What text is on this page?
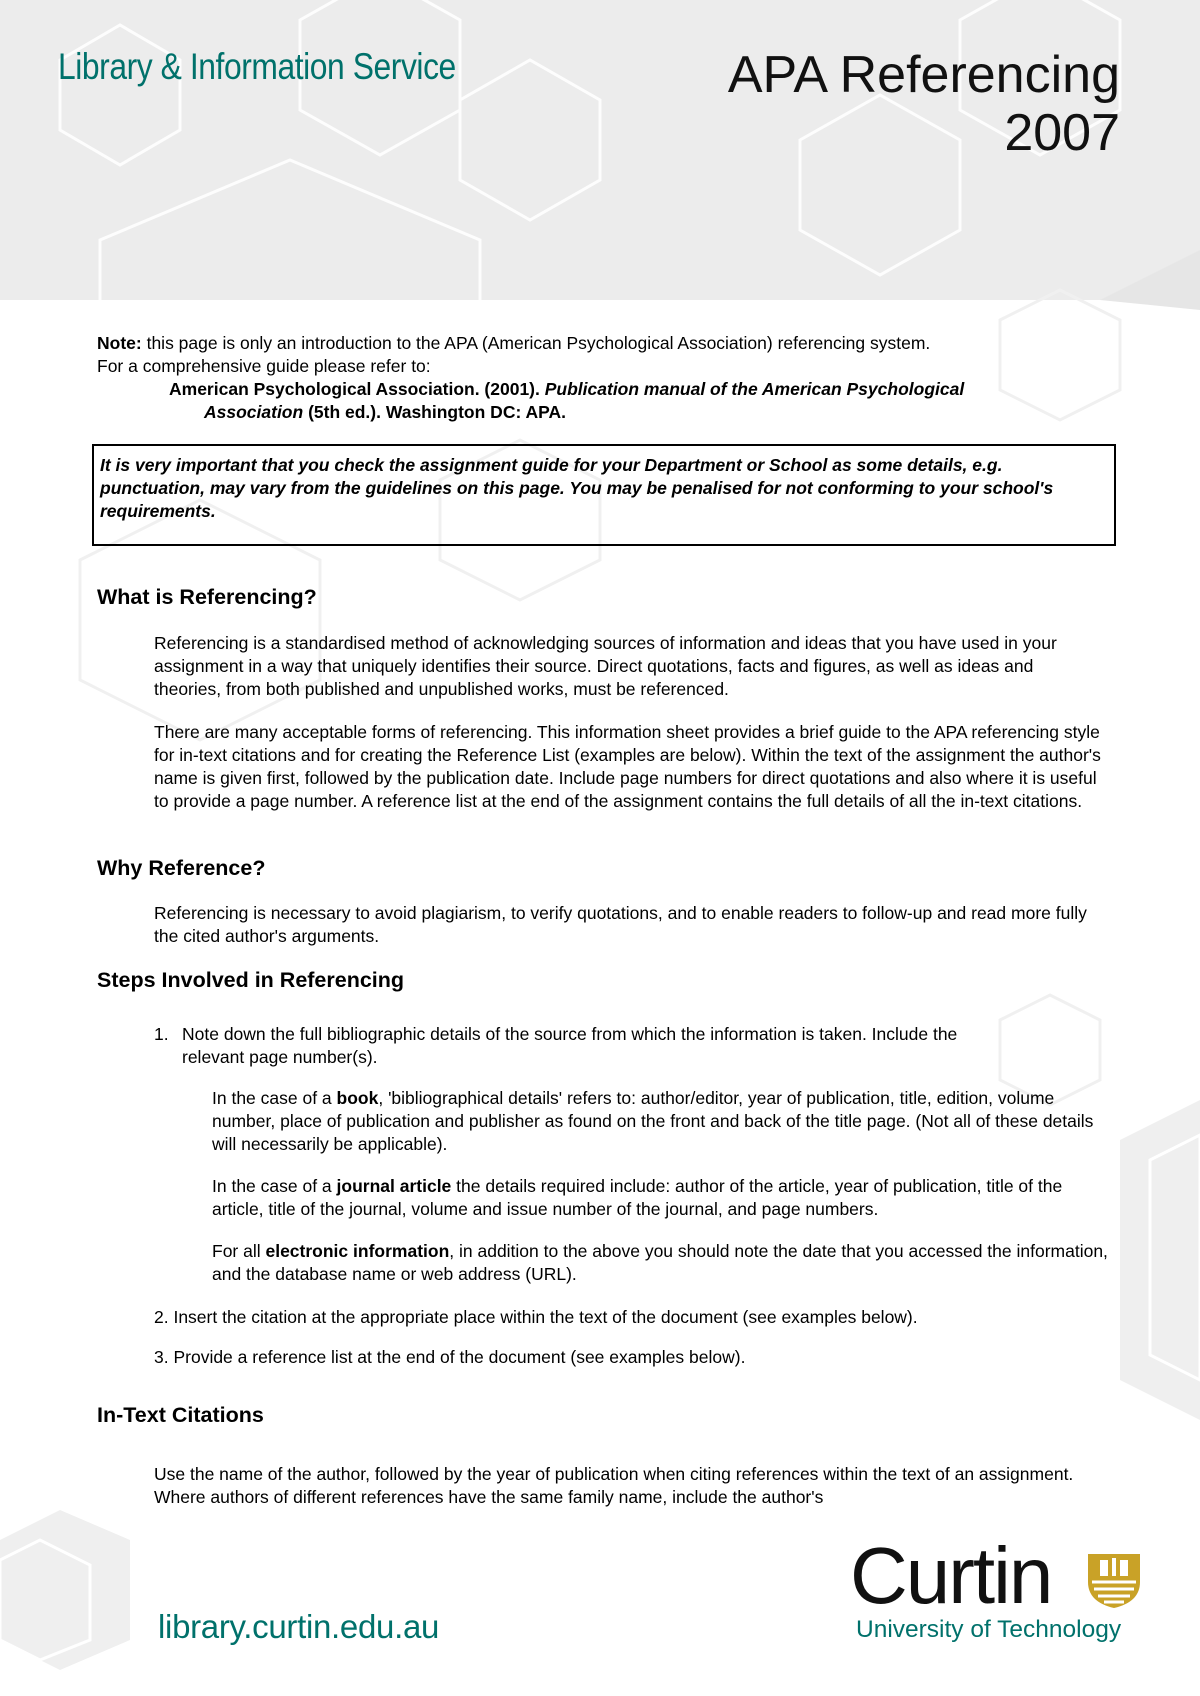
Library & Information Service	APA Referencing
2007

Note: this page is only an introduction to the APA (American Psychological Association) referencing system.

For a comprehensive guide please refer to:

American Psychological Association. (2001). Publication manual of the American Psychological

Association (5th ed.). Washington DC: APA.

It is very important that you check the assignment guide for your Department or School as some details, e.g. punctuation, may vary from the guidelines on this page. You may be penalised for not conforming to your school's requirements.
What is Referencing?

Referencing is a standardised method of acknowledging sources of information and ideas that you have used in your assignment in a way that uniquely identifies their source. Direct quotations, facts and figures, as well as ideas and theories, from both published and unpublished works, must be referenced.

There are many acceptable forms of referencing. This information sheet provides a brief guide to the APA referencing style for in-text citations and for creating the Reference List (examples are below). Within the text of the assignment the author's name is given first, followed by the publication date. Include page numbers for direct quotations and also where it is useful to provide a page number. A reference list at the end of the assignment contains the full details of all the in-text citations.

Why Reference?

Referencing is necessary to avoid plagiarism, to verify quotations, and to enable readers to follow-up and read more fully the cited author's arguments.

Steps Involved in Referencing

1. Note down the full bibliographic details of the source from which the information is taken. Include the
relevant page number(s).

In the case of a book, 'bibliographical details' refers to: author/editor, year of publication, title, edition, volume number, place of publication and publisher as found on the front and back of the title page. (Not all of these details will necessarily be applicable).

In the case of a journal article the details required include: author of the article, year of publication, title of the article, title of the journal, volume and issue number of the journal, and page numbers.

For all electronic information, in addition to the above you should note the date that you accessed the information, and the database name or web address (URL).

2. Insert the citation at the appropriate place within the text of the document (see examples below).

3. Provide a reference list at the end of the document (see examples below).

In-Text Citations

Use the name of the author, followed by the year of publication when citing references within the text of an assignment. Where authors of different references have the same family name, include the author's

library.curtin.edu.au
Curtin
University of Technology
